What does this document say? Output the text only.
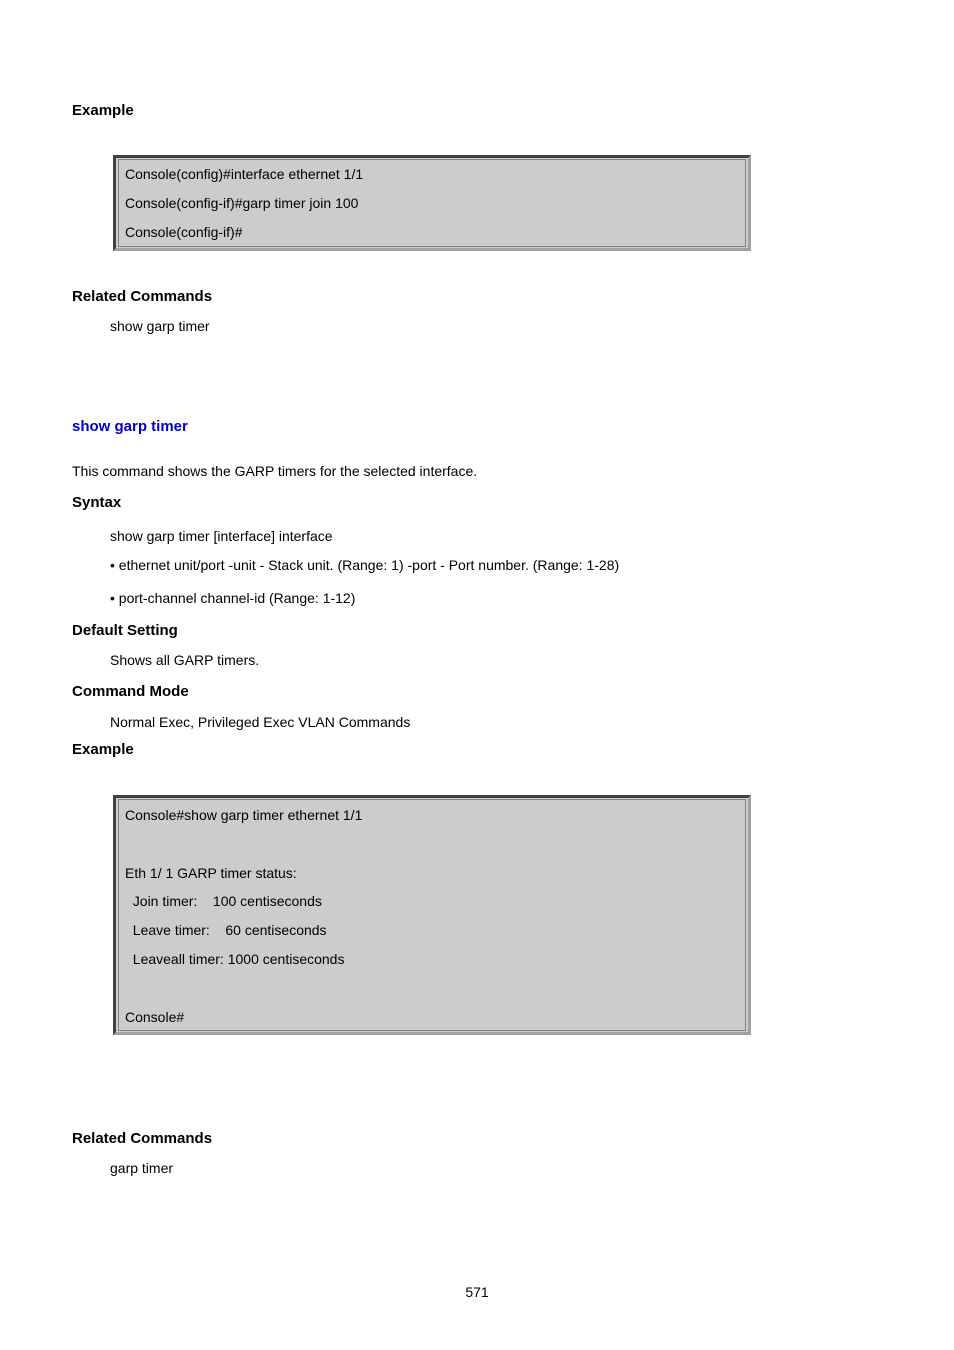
Example
Console(config)#interface ethernet 1/1
Console(config-if)#garp timer join 100
Console(config-if)#
Related Commands
show garp timer
show garp timer
This command shows the GARP timers for the selected interface.
Syntax
show garp timer [interface] interface
• ethernet unit/port -unit - Stack unit. (Range: 1) -port - Port number. (Range: 1-28)
• port-channel channel-id (Range: 1-12)
Default Setting
Shows all GARP timers.
Command Mode
Normal Exec, Privileged Exec VLAN Commands
Example
Console#show garp timer ethernet 1/1
Eth 1/ 1 GARP timer status:
Join timer:    100 centiseconds
Leave timer:    60 centiseconds
Leaveall timer: 1000 centiseconds
Console#
Related Commands
garp timer
571
